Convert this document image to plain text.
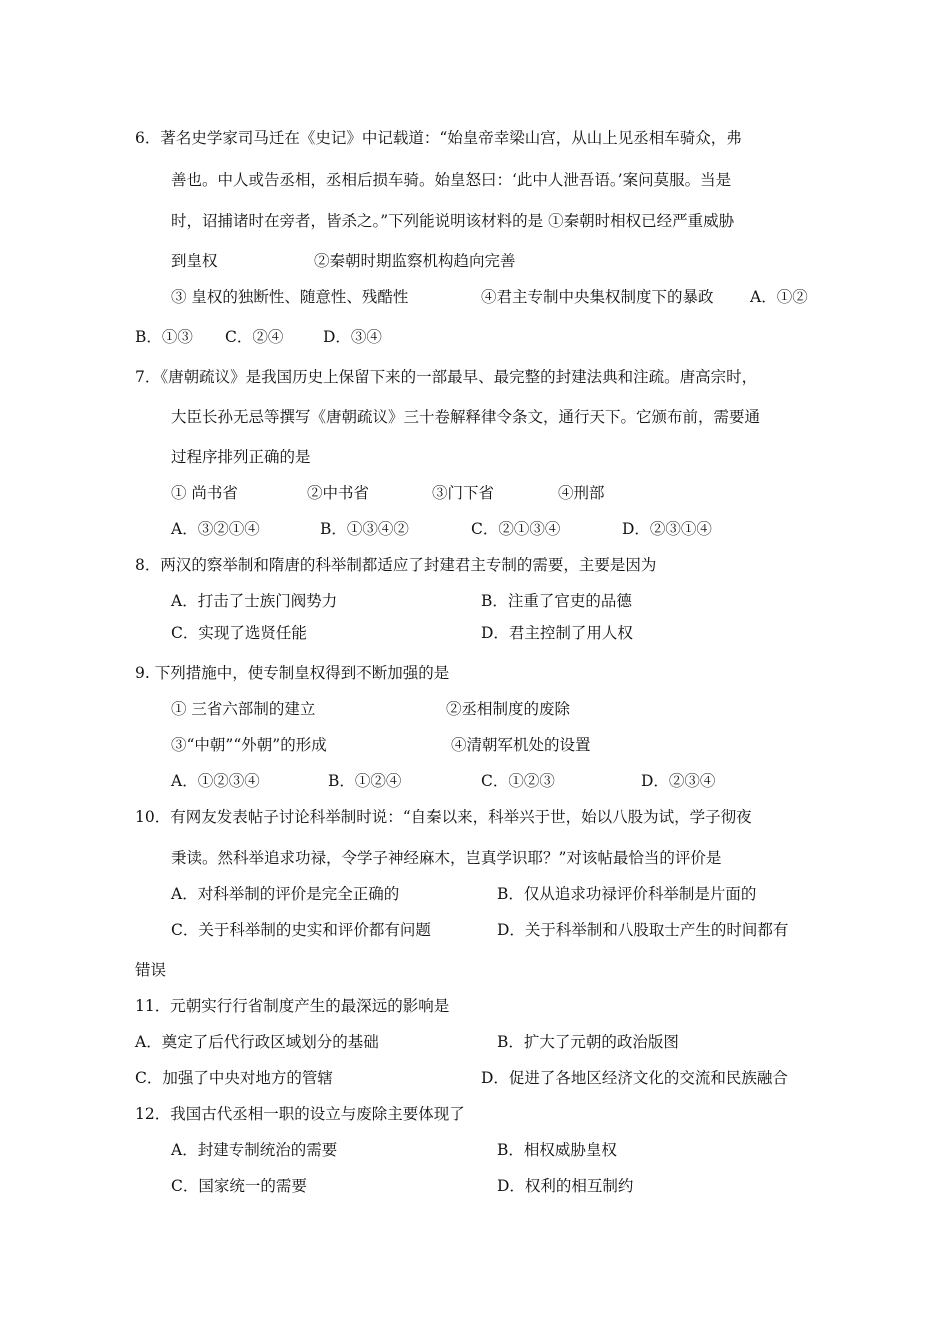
6．著名史学家司马迁在《史记》中记载道：“始皇帝幸梁山宫，从山上见丞相车骑众，弗
善也。中人或告丞相，丞相后损车骑。始皇怒曰：‘此中人泄吾语。’案问莫服。当是
时，诏捕诸时在旁者，皆杀之。”下列能说明该材料的是 ①秦朝时相权已经严重威胁
到皇权	②秦朝时期监察机构趋向完善
③ 皇权的独断性、随意性、残酷性	④君主专制中央集权制度下的暴政 A．①②
B．①③ C．②④	D．③④
7．《唐朝疏议》是我国历史上保留下来的一部最早、最完整的封建法典和注疏。唐高宗时，
大臣长孙无忌等撰写《唐朝疏议》三十卷解释律令条文，通行天下。它颁布前，需要通
过程序排列正确的是
① 尚书省	②中书省	③门下省	④刑部
A．③②①④	B．①③④②	C．②①③④	D．②③①④
8．两汉的察举制和隋唐的科举制都适应了封建君主专制的需要，主要是因为
A．打击了士族门阀势力	B．注重了官吏的品德
C．实现了选贤任能	D．君主控制了用人权
9. 下列措施中，使专制皇权得到不断加强的是
① 三省六部制的建立	②丞相制度的废除
③“中朝”“外朝”的形成	④清朝军机处的设置
A．①②③④	B．①②④	C．①②③	D．②③④
10．有网友发表帖子讨论科举制时说：“自秦以来，科举兴于世，始以八股为试，学子彻夜
秉读。然科举追求功禄，令学子神经麻木，岂真学识耶？”对该帖最恰当的评价是
A．对科举制的评价是完全正确的	B．仅从追求功禄评价科举制是片面的
C．关于科举制的史实和评价都有问题	D．关于科举制和八股取士产生的时间都有
错误
11．元朝实行行省制度产生的最深远的影响是
A．奠定了后代行政区域划分的基础	B．扩大了元朝的政治版图
C．加强了中央对地方的管辖	D．促进了各地区经济文化的交流和民族融合
12．我国古代丞相一职的设立与废除主要体现了
A．封建专制统治的需要	B．相权威胁皇权
C．国家统一的需要	D．权利的相互制约
